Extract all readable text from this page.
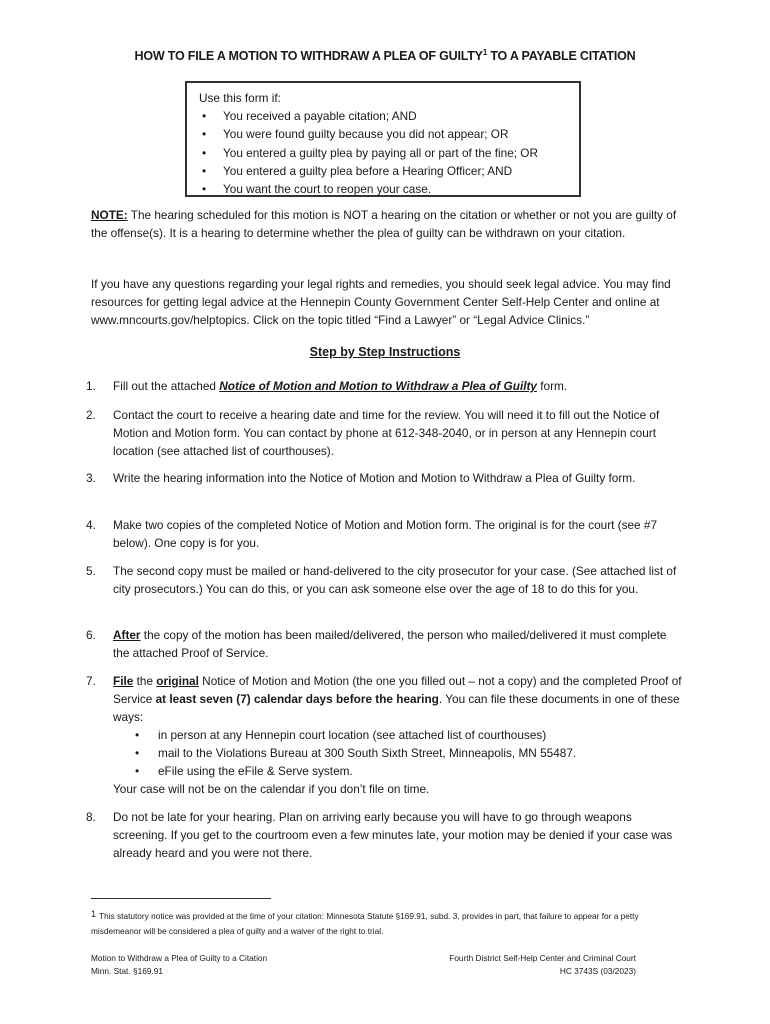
HOW TO FILE A MOTION TO WITHDRAW A PLEA OF GUILTY$^1$ TO A PAYABLE CITATION
Use this form if:
• You received a payable citation; AND
• You were found guilty because you did not appear; OR
• You entered a guilty plea by paying all or part of the fine; OR
• You entered a guilty plea before a Hearing Officer; AND
• You want the court to reopen your case.
NOTE: The hearing scheduled for this motion is NOT a hearing on the citation or whether or not you are guilty of the offense(s). It is a hearing to determine whether the plea of guilty can be withdrawn on your citation.
If you have any questions regarding your legal rights and remedies, you should seek legal advice. You may find resources for getting legal advice at the Hennepin County Government Center Self-Help Center and online at www.mncourts.gov/helptopics. Click on the topic titled “Find a Lawyer” or “Legal Advice Clinics.”
Step by Step Instructions
1.	Fill out the attached Notice of Motion and Motion to Withdraw a Plea of Guilty form.
2.	Contact the court to receive a hearing date and time for the review. You will need it to fill out the Notice of Motion and Motion form. You can contact by phone at 612-348-2040, or in person at any Hennepin court location (see attached list of courthouses).
3.	Write the hearing information into the Notice of Motion and Motion to Withdraw a Plea of Guilty form.
4.	Make two copies of the completed Notice of Motion and Motion form. The original is for the court (see #7 below). One copy is for you.
5.	The second copy must be mailed or hand-delivered to the city prosecutor for your case. (See attached list of city prosecutors.) You can do this, or you can ask someone else over the age of 18 to do this for you.
6.	After the copy of the motion has been mailed/delivered, the person who mailed/delivered it must complete the attached Proof of Service.
7.	File the original Notice of Motion and Motion (the one you filled out – not a copy) and the completed Proof of Service at least seven (7) calendar days before the hearing. You can file these documents in one of these ways:
• in person at any Hennepin court location (see attached list of courthouses)
• mail to the Violations Bureau at 300 South Sixth Street, Minneapolis, MN 55487.
• eFile using the eFile & Serve system.
Your case will not be on the calendar if you don’t file on time.
8.	Do not be late for your hearing. Plan on arriving early because you will have to go through weapons screening. If you get to the courtroom even a few minutes late, your motion may be denied if your case was already heard and you were not there.
$^1$ This statutory notice was provided at the time of your citation: Minnesota Statute §169.91, subd. 3, provides in part, that failure to appear for a petty misdemeanor will be considered a plea of guilty and a waiver of the right to trial.
Motion to Withdraw a Plea of Guilty to a Citation
Minn. Stat. §169.91
Fourth District Self-Help Center and Criminal Court
HC 3743S (03/2023)
